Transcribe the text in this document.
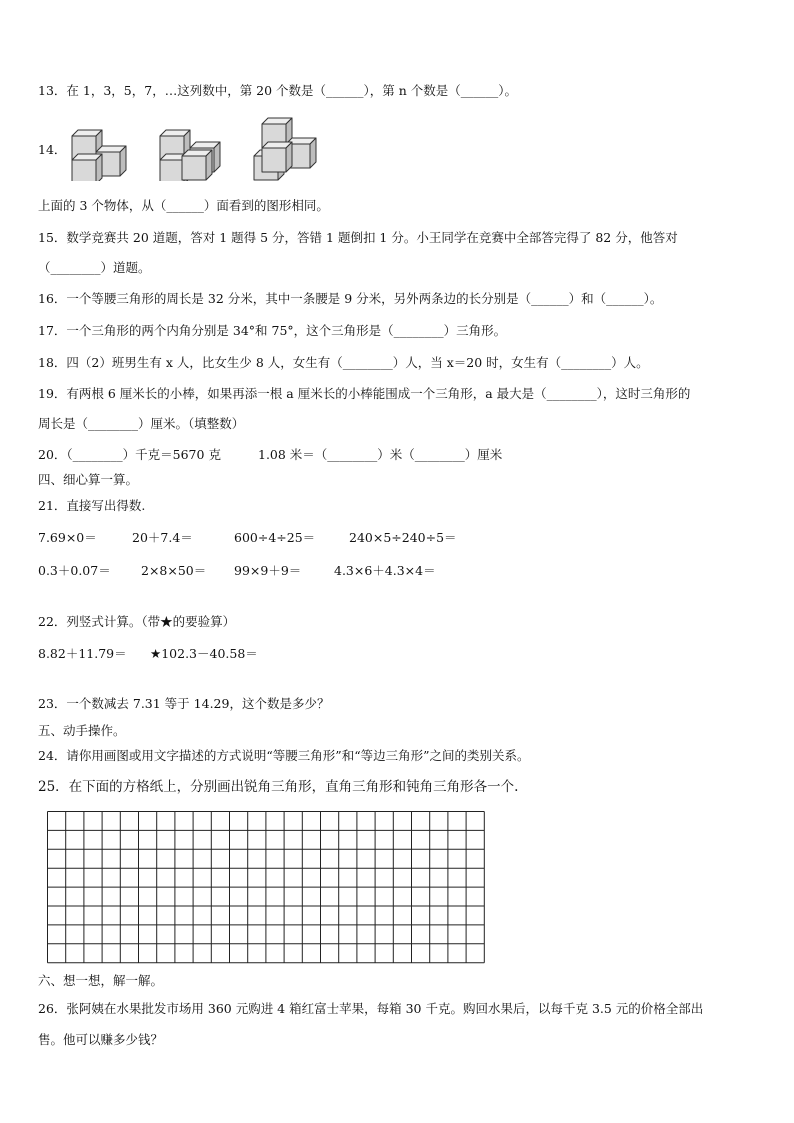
13．在 1，3，5，7，…这列数中，第 20 个数是（______），第 n 个数是（______）。
14．
上面的 3 个物体，从（______）面看到的图形相同。
15．数学竞赛共 20 道题，答对 1 题得 5 分，答错 1 题倒扣 1 分。小王同学在竞赛中全部答完得了 82 分，他答对
（________）道题。
16．一个等腰三角形的周长是 32 分米，其中一条腰是 9 分米，另外两条边的长分别是（______）和（______）。
17．一个三角形的两个内角分别是 34°和 75°，这个三角形是（________）三角形。
18．四（2）班男生有 x 人，比女生少 8 人，女生有（________）人，当 x＝20 时，女生有（________）人。
19．有两根 6 厘米长的小棒，如果再添一根 a 厘米长的小棒能围成一个三角形，a 最大是（________），这时三角形的
周长是（________）厘米。（填整数）
20．（________）千克＝5670 克	1.08 米＝（________）米（________）厘米
四、细心算一算。
21．直接写出得数.
7.69×0＝	20＋7.4＝	600÷4÷25＝	240×5÷240÷5＝
0.3＋0.07＝ 2×8×50＝ 99×9＋9＝	4.3×6＋4.3×4＝
22．列竖式计算。（带★的要验算）
8.82＋11.79＝ ★102.3－40.58＝
23．一个数减去 7.31 等于 14.29，这个数是多少？
五、动手操作。
24．请你用画图或用文字描述的方式说明“等腰三角形”和“等边三角形”之间的类别关系。
25．在下面的方格纸上，分别画出锐角三角形，直角三角形和钝角三角形各一个.
六、想一想，解一解。
26．张阿姨在水果批发市场用 360 元购进 4 箱红富士苹果，每箱 30 千克。购回水果后，以每千克 3.5 元的价格全部出
售。他可以赚多少钱？
